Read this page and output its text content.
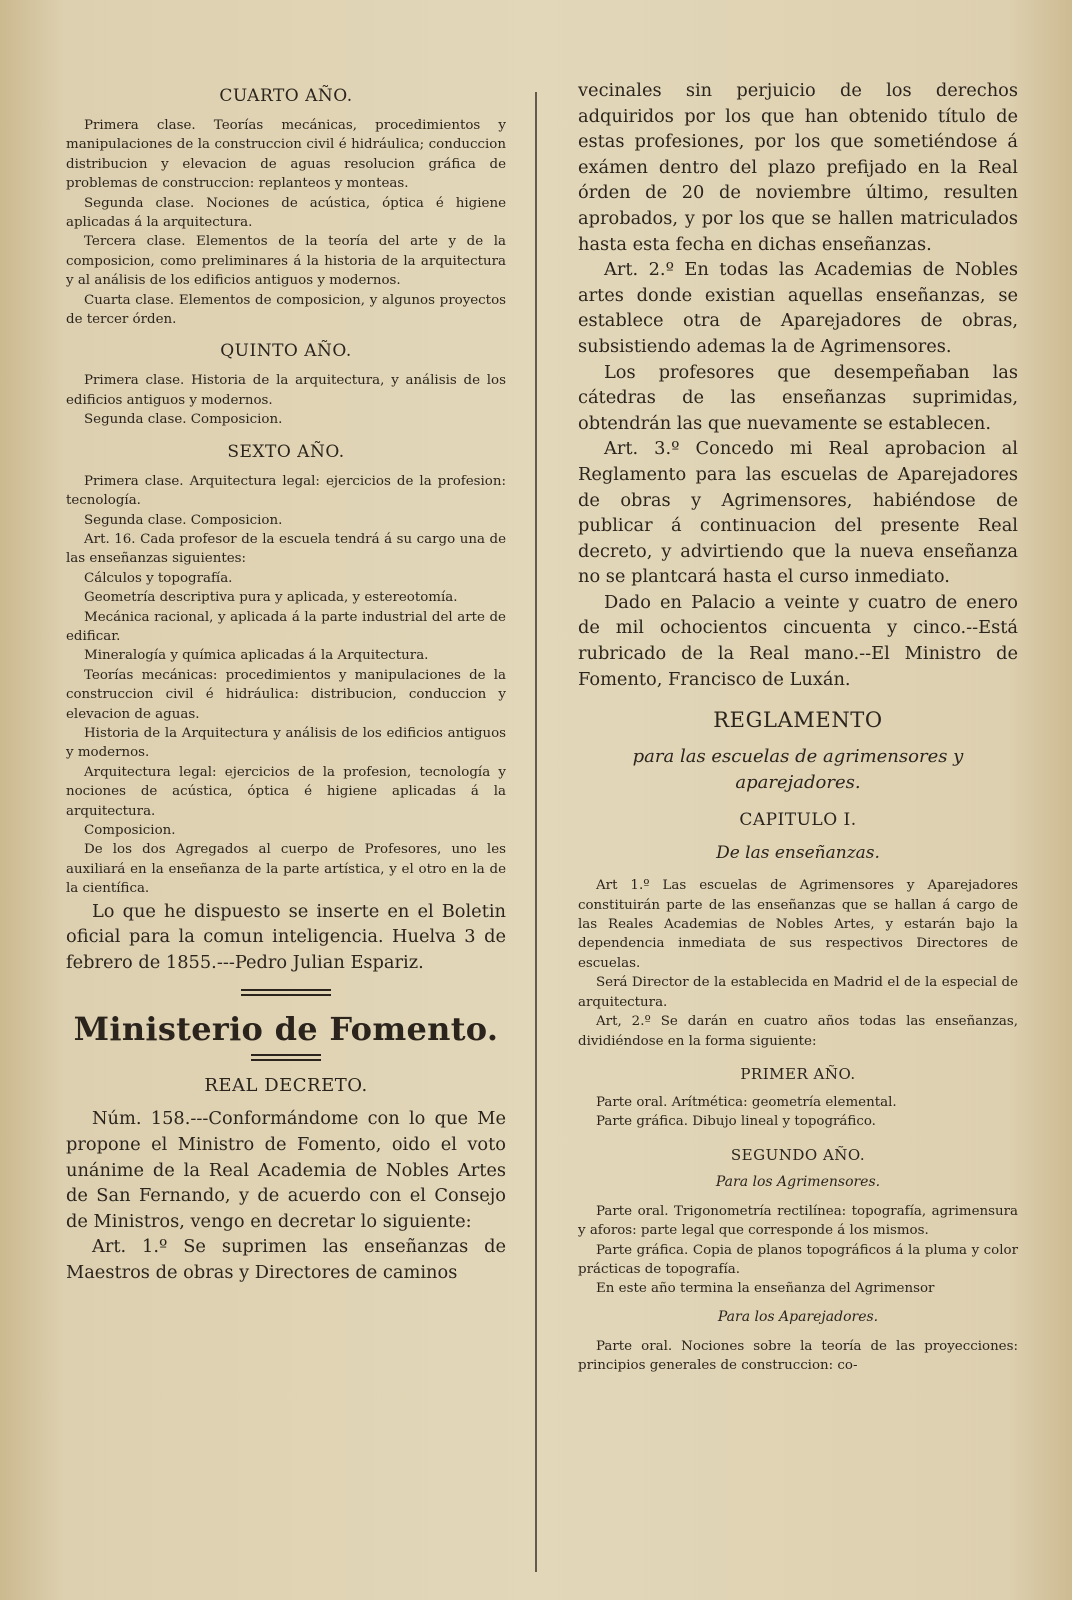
CUARTO AÑO.

Primera clase. Teorías mecánicas, procedimientos y manipulaciones de la construccion civil é hidráulica; conduccion distribucion y elevacion de aguas resolucion gráfica de problemas de construccion: replanteos y monteas.

Segunda clase. Nociones de acústica, óptica é higiene aplicadas á la arquitectura.

Tercera clase. Elementos de la teoría del arte y de la composicion, como preliminares á la historia de la arquitectura y al análisis de los edificios antiguos y modernos.

Cuarta clase. Elementos de composicion, y algunos proyectos de tercer órden.

QUINTO AÑO.

Primera clase. Historia de la arquitectura, y análisis de los edificios antiguos y modernos.

Segunda clase. Composicion.

SEXTO AÑO.

Primera clase. Arquitectura legal: ejercicios de la profesion: tecnología.

Segunda clase. Composicion.

Art. 16. Cada profesor de la escuela tendrá á su cargo una de las enseñanzas siguientes:

Cálculos y topografía.

Geometría descriptiva pura y aplicada, y estereotomía.

Mecánica racional, y aplicada á la parte industrial del arte de edificar.

Mineralogía y química aplicadas á la Arquitectura.

Teorías mecánicas: procedimientos y manipulaciones de la construccion civil é hidráulica: distribucion, conduccion y elevacion de aguas.

Historia de la Arquitectura y análisis de los edificios antiguos y modernos.

Arquitectura legal: ejercicios de la profesion, tecnología y nociones de acústica, óptica é higiene aplicadas á la arquitectura.

Composicion.

De los dos Agregados al cuerpo de Profesores, uno les auxiliará en la enseñanza de la parte artística, y el otro en la de la científica.

Lo que he dispuesto se inserte en el Boletin oficial para la comun inteligencia. Huelva 3 de febrero de 1855.---Pedro Julian Espariz.

Ministerio de Fomento.
REAL DECRETO.

Núm. 158.---Conformándome con lo que Me propone el Ministro de Fomento, oido el voto unánime de la Real Academia de Nobles Artes de San Fernando, y de acuerdo con el Consejo de Ministros, vengo en decretar lo siguiente:

Art. 1.º Se suprimen las enseñanzas de Maestros de obras y Directores de caminos

vecinales sin perjuicio de los derechos adquiridos por los que han obtenido título de estas profesiones, por los que sometiéndose á exámen dentro del plazo prefijado en la Real órden de 20 de noviembre último, resulten aprobados, y por los que se hallen matriculados hasta esta fecha en dichas enseñanzas.

Art. 2.º En todas las Academias de Nobles artes donde existian aquellas enseñanzas, se establece otra de Aparejadores de obras, subsistiendo ademas la de Agrimensores.

Los profesores que desempeñaban las cátedras de las enseñanzas suprimidas, obtendrán las que nuevamente se establecen.

Art. 3.º Concedo mi Real aprobacion al Reglamento para las escuelas de Aparejadores de obras y Agrimensores, habiéndose de publicar á continuacion del presente Real decreto, y advirtiendo que la nueva enseñanza no se plantcará hasta el curso inmediato.

Dado en Palacio a veinte y cuatro de enero de mil ochocientos cincuenta y cinco.--Está rubricado de la Real mano.--El Ministro de Fomento, Francisco de Luxán.

REGLAMENTO
para las escuelas de agrimensores y aparejadores.
CAPITULO I.
De las enseñanzas.

Art 1.º Las escuelas de Agrimensores y Aparejadores constituirán parte de las enseñanzas que se hallan á cargo de las Reales Academias de Nobles Artes, y estarán bajo la dependencia inmediata de sus respectivos Directores de escuelas.

Será Director de la establecida en Madrid el de la especial de arquitectura.

Art, 2.º Se darán en cuatro años todas las enseñanzas, dividiéndose en la forma siguiente:

PRIMER AÑO.

Parte oral. Arítmética: geometría elemental.

Parte gráfica. Dibujo lineal y topográfico.

SEGUNDO AÑO.
Para los Agrimensores.

Parte oral. Trigonometría rectilínea: topografía, agrimensura y aforos: parte legal que corresponde á los mismos.

Parte gráfica. Copia de planos topográficos á la pluma y color prácticas de topografía.

En este año termina la enseñanza del Agrimensor

Para los Aparejadores.

Parte oral. Nociones sobre la teoría de las proyecciones: principios generales de construccion: co-
